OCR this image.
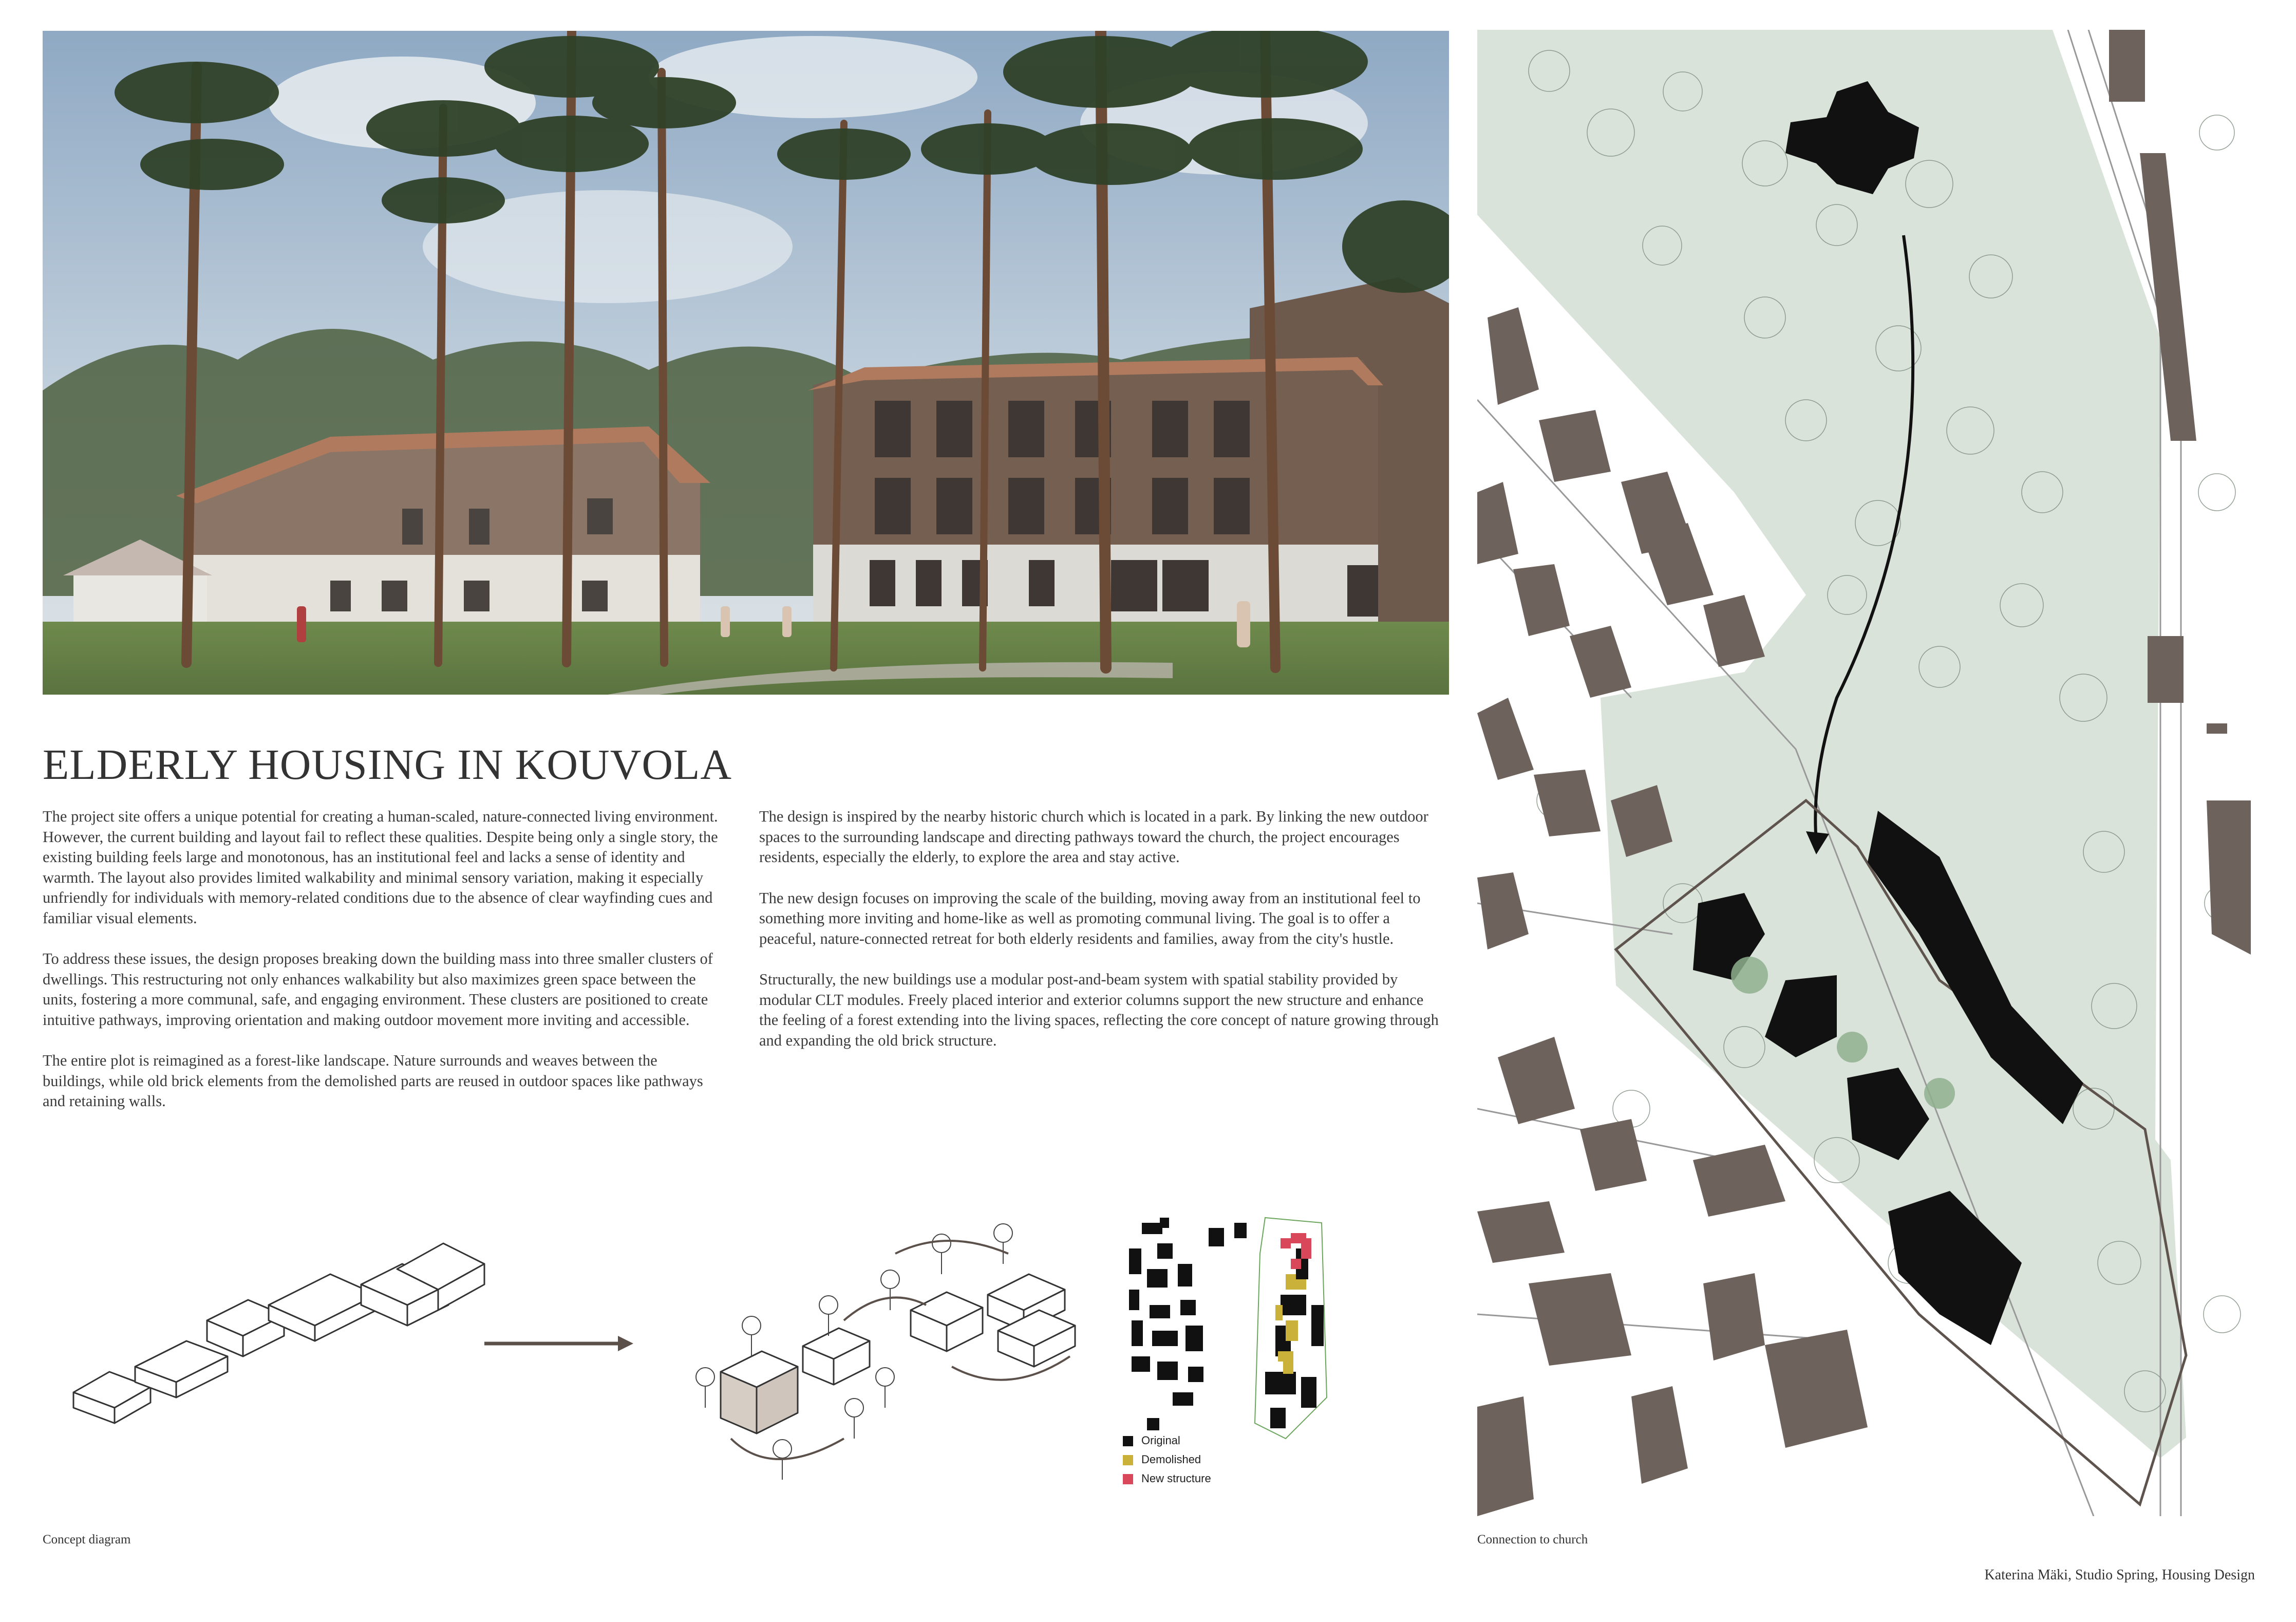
ELDERLY HOUSING IN KOUVOLA

The project site offers a unique potential for creating a human-scaled, nature-connected living environment. However, the current building and layout fail to reflect these qualities. Despite being only a single story, the existing building feels large and monotonous, has an institutional feel and lacks a sense of identity and warmth. The layout also provides limited walkability and minimal sensory variation, making it especially unfriendly for individuals with memory-related conditions due to the absence of clear wayfinding cues and familiar visual elements.

To address these issues, the design proposes breaking down the building mass into three smaller clusters of dwellings. This restructuring not only enhances walkability but also maximizes green space between the units, fostering a more communal, safe, and engaging environment. These clusters are positioned to create intuitive pathways, improving orientation and making outdoor movement more inviting and accessible.

The entire plot is reimagined as a forest-like landscape. Nature surrounds and weaves between the buildings, while old brick elements from the demolished parts are reused in outdoor spaces like pathways and retaining walls.

The design is inspired by the nearby historic church which is located in a park. By linking the new outdoor spaces to the surrounding landscape and directing pathways toward the church, the project encourages residents, especially the elderly, to explore the area and stay active.

The new design focuses on improving the scale of the building, moving away from an institutional feel to something more inviting and home-like as well as promoting communal living. The goal is to offer a peaceful, nature-connected retreat for both elderly residents and families, away from the city's hustle.

Structurally, the new buildings use a modular post-and-beam system with spatial stability provided by modular CLT modules. Freely placed interior and exterior columns support the new structure and enhance the feeling of a forest extending into the living spaces, reflecting the core concept of nature growing through and expanding the old brick structure.

Original
Demolished
New structure
Concept diagram	Connection to church
Katerina Mäki, Studio Spring, Housing Design
